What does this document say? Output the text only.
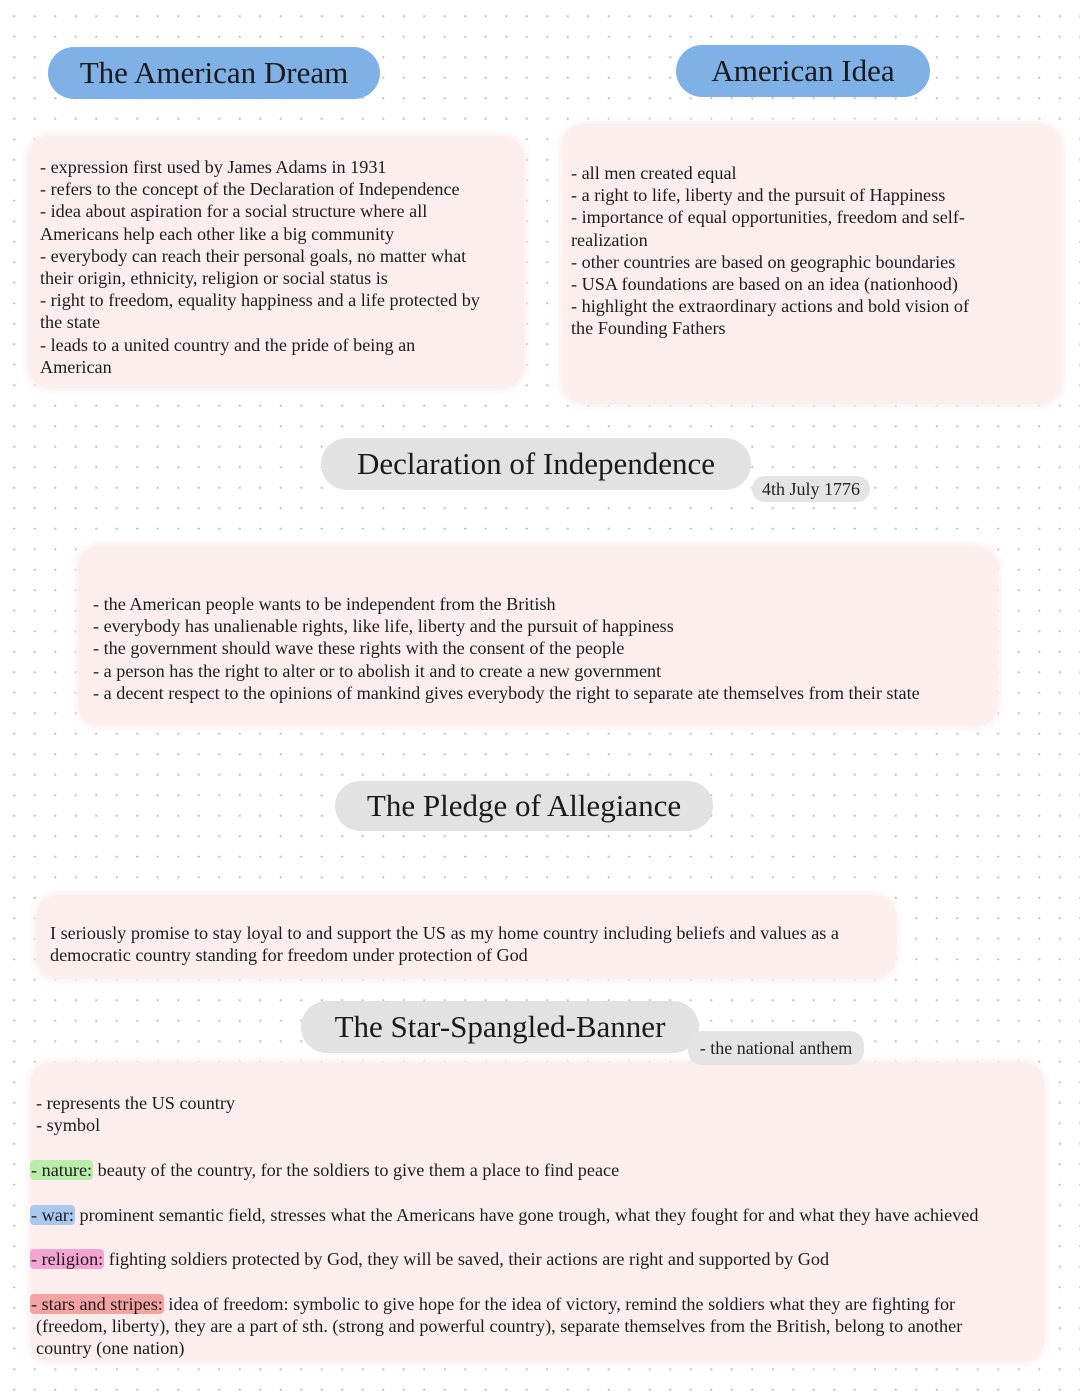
The American Dream
- expression first used by James Adams in 1931
- refers to the concept of the Declaration of Independence
- idea about aspiration for a social structure where all
Americans help each other like a big community
- everybody can reach their personal goals, no matter what
their origin, ethnicity, religion or social status is
- right to freedom, equality happiness and a life protected by
the state
- leads to a united country and the pride of being an
American
American Idea
- all men created equal
- a right to life, liberty and the pursuit of Happiness
- importance of equal opportunities, freedom and self-
realization
- other countries are based on geographic boundaries
- USA foundations are based on an idea (nationhood)
- highlight the extraordinary actions and bold vision of
the Founding Fathers
Declaration of Independence
4th July 1776
- the American people wants to be independent from the British
- everybody has unalienable rights, like life, liberty and the pursuit of happiness
- the government should wave these rights with the consent of the people
- a person has the right to alter or to abolish it and to create a new government
- a decent respect to the opinions of mankind gives everybody the right to separate ate themselves from their state
The Pledge of Allegiance
I seriously promise to stay loyal to and support the US as my home country including beliefs and values as a
democratic country standing for freedom under protection of God
The Star-Spangled-Banner
- the national anthem
- represents the US country
- symbol
- nature: beauty of the country, for the soldiers to give them a place to find peace
- war: prominent semantic field, stresses what the Americans have gone trough, what they fought for and what they have achieved
- religion: fighting soldiers protected by God, they will be saved, their actions are right and supported by God
- stars and stripes: idea of freedom: symbolic to give hope for the idea of victory, remind the soldiers what they are fighting for
(freedom, liberty), they are a part of sth. (strong and powerful country), separate themselves from the British, belong to another
country (one nation)
